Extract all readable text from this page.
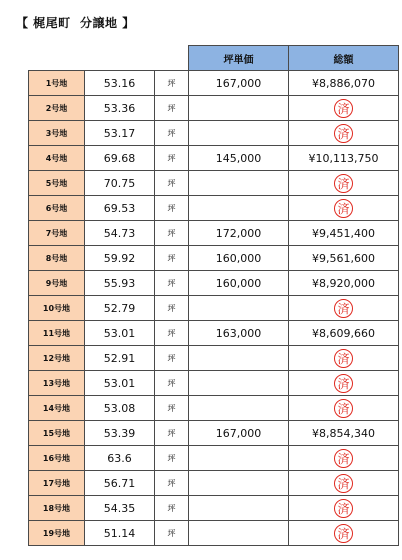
【 梶尾町  分譲地 】
			坪単価	総額
1号地	53.16	坪	167,000	¥8,886,070
2号地	53.36	坪		済
3号地	53.17	坪		済
4号地	69.68	坪	145,000	¥10,113,750
5号地	70.75	坪		済
6号地	69.53	坪		済
7号地	54.73	坪	172,000	¥9,451,400
8号地	59.92	坪	160,000	¥9,561,600
9号地	55.93	坪	160,000	¥8,920,000
10号地	52.79	坪		済
11号地	53.01	坪	163,000	¥8,609,660
12号地	52.91	坪		済
13号地	53.01	坪		済
14号地	53.08	坪		済
15号地	53.39	坪	167,000	¥8,854,340
16号地	63.6	坪		済
17号地	56.71	坪		済
18号地	54.35	坪		済
19号地	51.14	坪		済
